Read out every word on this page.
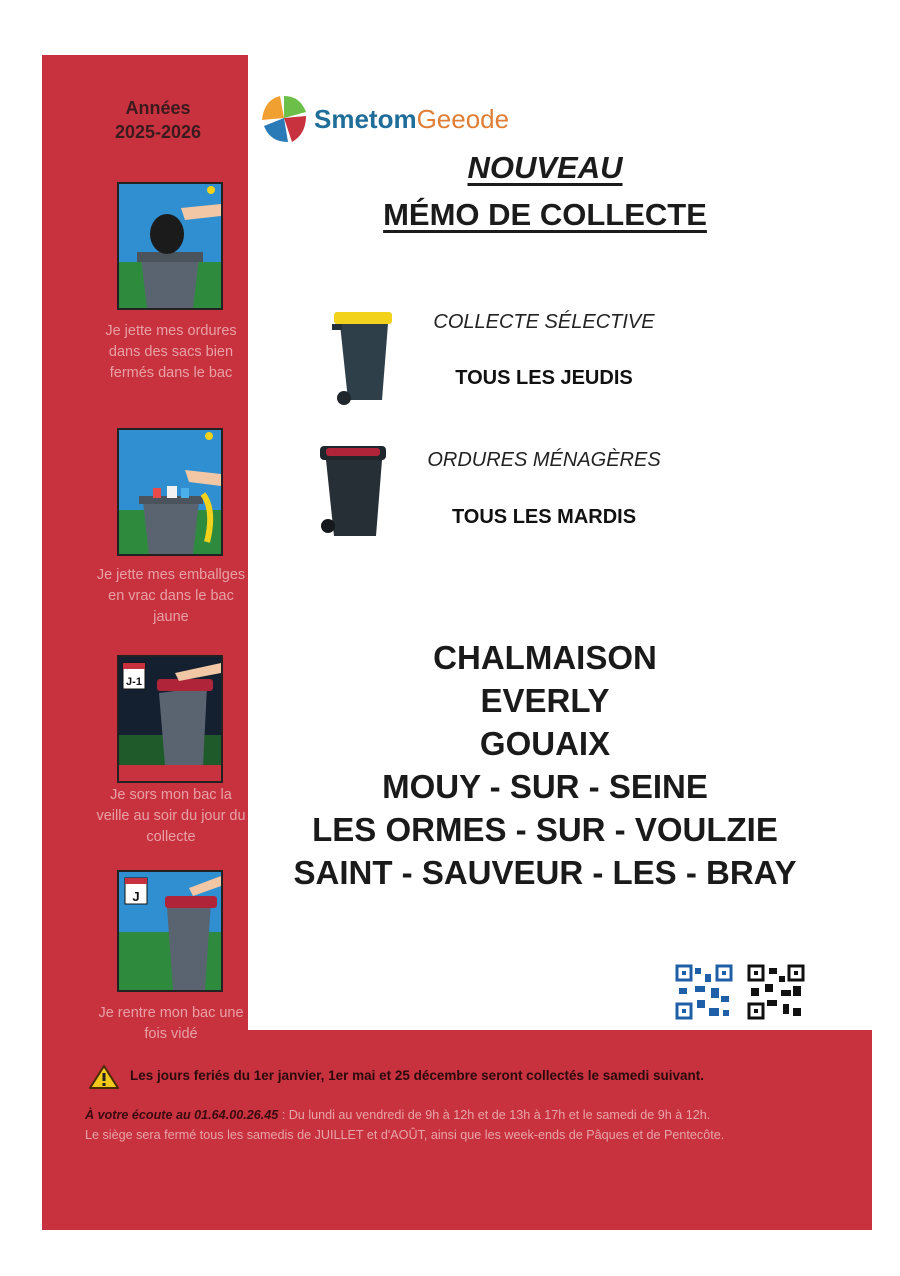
Années
2025-2026
Je jette mes ordures dans des sacs bien fermés dans le bac
Je jette mes emballges en vrac dans le bac jaune
J-1
Je sors mon bac la veille au soir du jour du collecte
J
Je rentre mon bac une fois vidé
SmetomGeeode
NOUVEAU
MÉMO DE COLLECTE
COLLECTE SÉLECTIVE
TOUS LES JEUDIS
ORDURES MÉNAGÈRES
TOUS LES MARDIS
CHALMAISON
EVERLY
GOUAIX
MOUY - SUR - SEINE
LES ORMES - SUR - VOULZIE
SAINT - SAUVEUR - LES - BRAY
Les jours feriés du 1er janvier, 1er mai et 25 décembre seront collectés le samedi suivant.
À votre écoute au 01.64.00.26.45 : Du lundi au vendredi de 9h à 12h et de 13h à 17h et le samedi de 9h à 12h.
Le siège sera fermé tous les samedis de JUILLET et d'AOÛT, ainsi que les week-ends de Pâques et de Pentecôte.
